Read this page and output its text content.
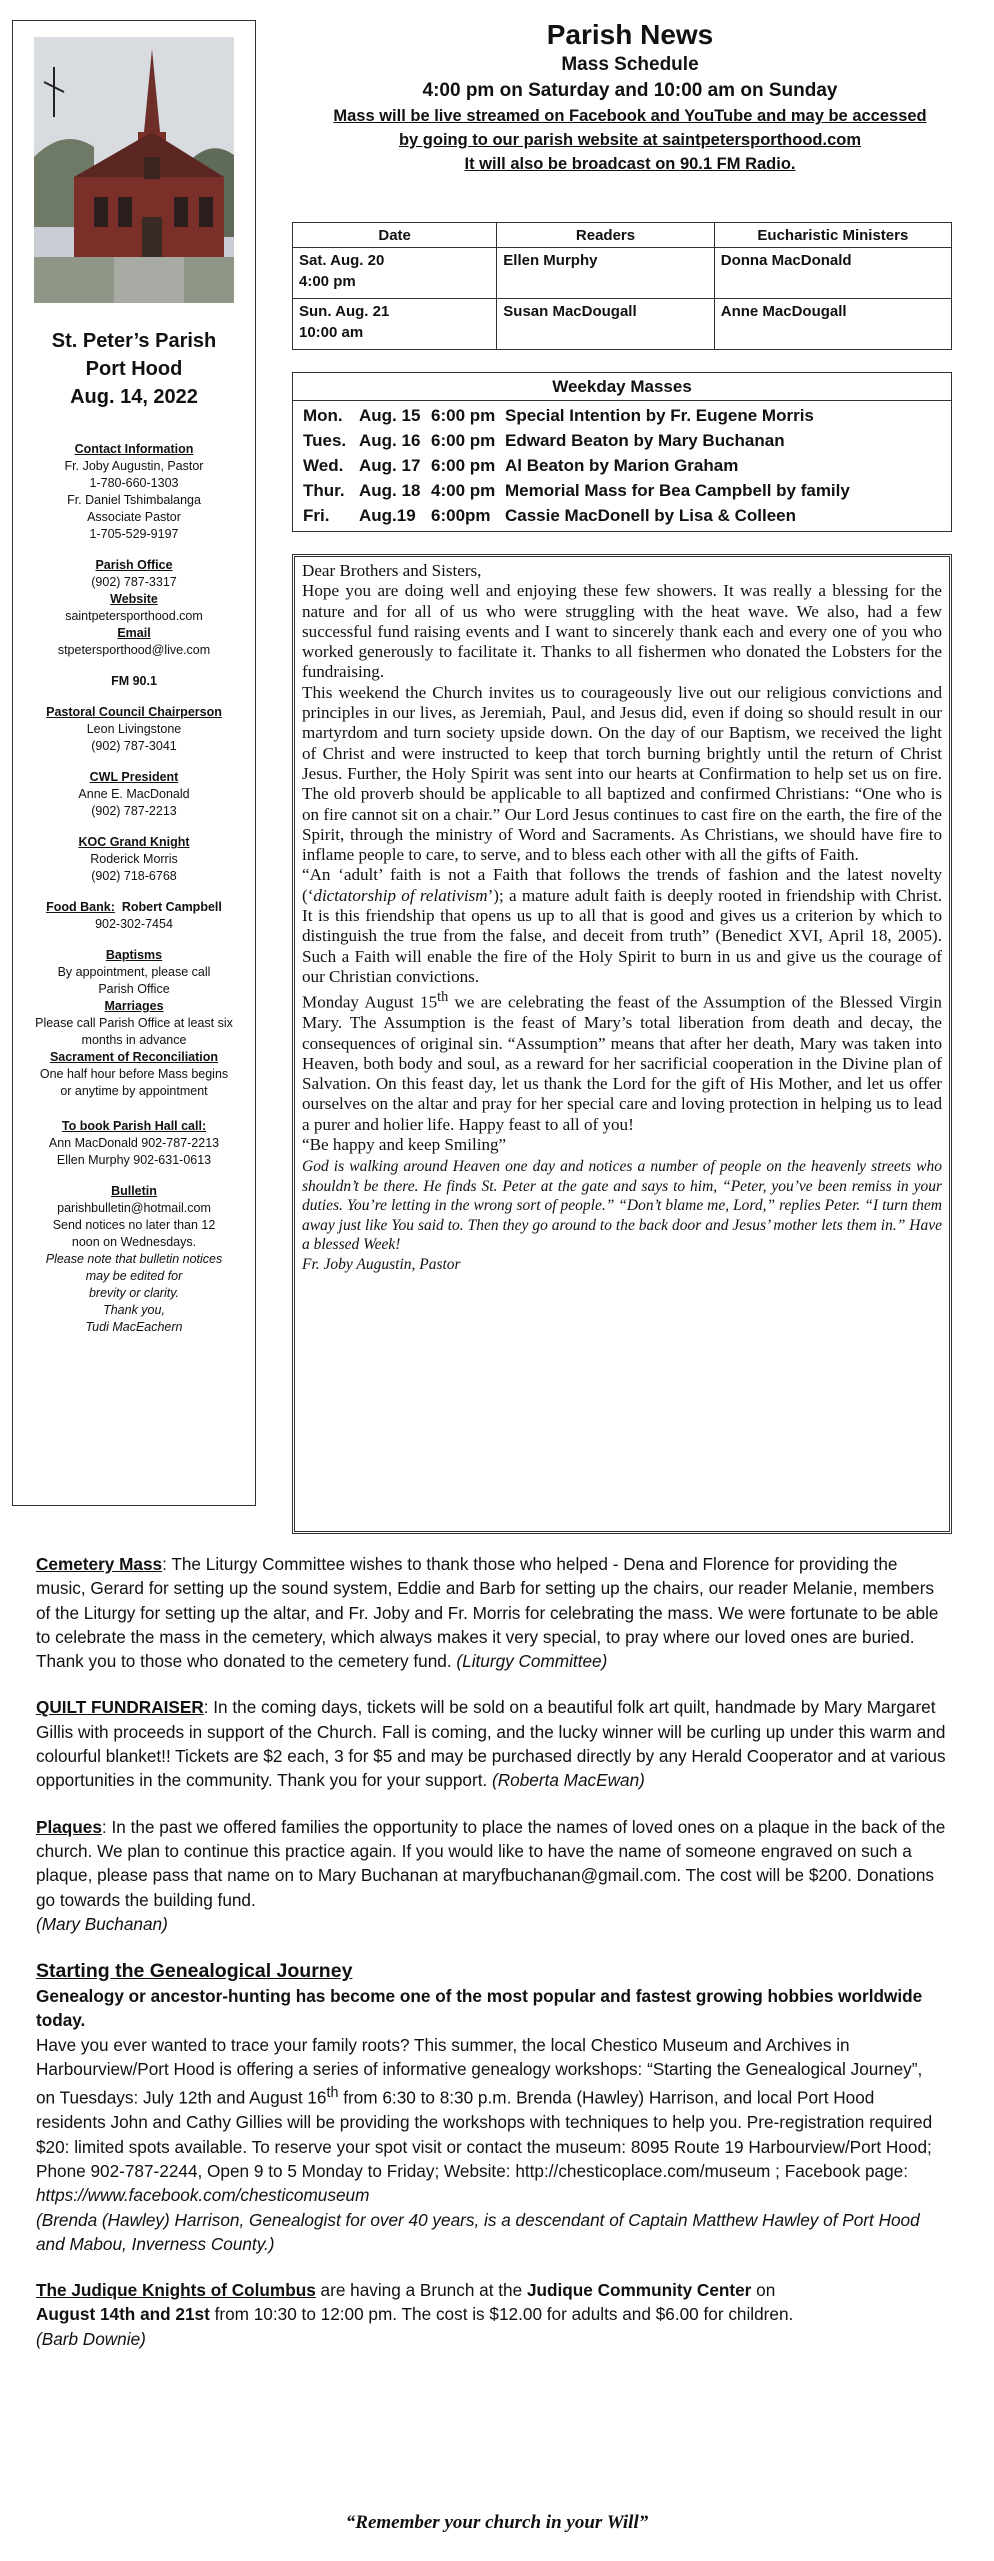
St. Peter’s Parish
Port Hood
Aug. 14, 2022
Contact Information
Fr. Joby Augustin, Pastor
1-780-660-1303
Fr. Daniel Tshimbalanga
Associate Pastor
1-705-529-9197
Parish Office
(902) 787-3317
Website
saintpetersporthood.com
Email
stpetersporthood@live.com
FM 90.1
Pastoral Council Chairperson
Leon Livingstone
(902) 787-3041
CWL President
Anne E. MacDonald
(902) 787-2213
KOC Grand Knight
Roderick Morris
(902) 718-6768
Food Bank: Robert Campbell
902-302-7454
Baptisms
By appointment, please call
Parish Office
Marriages
Please call Parish Office at least six
months in advance
Sacrament of Reconciliation
One half hour before Mass begins
or anytime by appointment
To book Parish Hall call:
Ann MacDonald 902-787-2213
Ellen Murphy 902-631-0613
Bulletin
parishbulletin@hotmail.com
Send notices no later than 12
noon on Wednesdays.
Please note that bulletin notices
may be edited for
brevity or clarity.
Thank you,
Tudi MacEachern
Parish News
Mass Schedule
4:00 pm on Saturday and 10:00 am on Sunday
Mass will be live streamed on Facebook and YouTube and may be accessed
by going to our parish website at saintpetersporthood.com
It will also be broadcast on 90.1 FM Radio.
Date	Readers	Eucharistic Ministers

Sat. Aug. 20
4:00 pm	Ellen Murphy	Donna MacDonald

Sun. Aug. 21
10:00 am	Susan MacDougall	Anne MacDougall
Weekday Masses
Mon. Aug. 15 6:00 pm Special Intention by Fr. Eugene Morris
Tues. Aug. 16 6:00 pm Edward Beaton by Mary Buchanan
Wed. Aug. 17 6:00 pm Al Beaton by Marion Graham
Thur. Aug. 18 4:00 pm Memorial Mass for Bea Campbell by family
Fri.	Aug.19 6:00pm Cassie MacDonell by Lisa & Colleen

Dear Brothers and Sisters,

Hope you are doing well and enjoying these few showers. It was really a blessing for the nature and for all of us who were struggling with the heat wave. We also, had a few successful fund raising events and I want to sincerely thank each and every one of you who worked generously to facilitate it. Thanks to all fishermen who donated the Lobsters for the fundraising.

This weekend the Church invites us to courageously live out our religious convictions and principles in our lives, as Jeremiah, Paul, and Jesus did, even if doing so should result in our martyrdom and turn society upside down. On the day of our Baptism, we received the light of Christ and were instructed to keep that torch burning brightly until the return of Christ Jesus. Further, the Holy Spirit was sent into our hearts at Confirmation to help set us on fire. The old proverb should be applicable to all baptized and confirmed Christians: “One who is on fire cannot sit on a chair.” Our Lord Jesus continues to cast fire on the earth, the fire of the Spirit, through the ministry of Word and Sacraments. As Christians, we should have fire to inflame people to care, to serve, and to bless each other with all the gifts of Faith.

“An ‘adult’ faith is not a Faith that follows the trends of fashion and the latest novelty (‘dictatorship of relativism’); a mature adult faith is deeply rooted in friendship with Christ. It is this friendship that opens us up to all that is good and gives us a criterion by which to distinguish the true from the false, and deceit from truth” (Benedict XVI, April 18, 2005). Such a Faith will enable the fire of the Holy Spirit to burn in us and give us the courage of our Christian convictions.

Monday August 15th we are celebrating the feast of the Assumption of the Blessed Virgin Mary. The Assumption is the feast of Mary’s total liberation from death and decay, the consequences of original sin. “Assumption” means that after her death, Mary was taken into Heaven, both body and soul, as a reward for her sacrificial cooperation in the Divine plan of Salvation. On this feast day, let us thank the Lord for the gift of His Mother, and let us offer ourselves on the altar and pray for her special care and loving protection in helping us to lead a purer and holier life. Happy feast to all of you!

“Be happy and keep Smiling”

God is walking around Heaven one day and notices a number of people on the heavenly streets who shouldn’t be there. He finds St. Peter at the gate and says to him, “Peter, you’ve been remiss in your duties. You’re letting in the wrong sort of people.” “Don’t blame me, Lord,” replies Peter. “I turn them away just like You said to. Then they go around to the back door and Jesus’ mother lets them in.” Have a blessed Week!

Fr. Joby Augustin, Pastor

Cemetery Mass: The Liturgy Committee wishes to thank those who helped - Dena and Florence for providing the music, Gerard for setting up the sound system, Eddie and Barb for setting up the chairs, our reader Melanie, members of the Liturgy for setting up the altar, and Fr. Joby and Fr. Morris for celebrating the mass. We were fortunate to be able to celebrate the mass in the cemetery, which always makes it very special, to pray where our loved ones are buried. Thank you to those who donated to the cemetery fund. (Liturgy Committee)

QUILT FUNDRAISER: In the coming days, tickets will be sold on a beautiful folk art quilt, handmade by Mary Margaret Gillis with proceeds in support of the Church. Fall is coming, and the lucky winner will be curling up under this warm and colourful blanket!! Tickets are $2 each, 3 for $5 and may be purchased directly by any Herald Cooperator and at various opportunities in the community. Thank you for your support. (Roberta MacEwan)

Plaques: In the past we offered families the opportunity to place the names of loved ones on a plaque in the back of the church. We plan to continue this practice again. If you would like to have the name of someone engraved on such a plaque, please pass that name on to Mary Buchanan at maryfbuchanan@gmail.com. The cost will be $200. Donations go towards the building fund.
(Mary Buchanan)

Starting the Genealogical Journey

Genealogy or ancestor-hunting has become one of the most popular and fastest growing hobbies worldwide today.
Have you ever wanted to trace your family roots? This summer, the local Chestico Museum and Archives in Harbourview/Port Hood is offering a series of informative genealogy workshops: “Starting the Genealogical Journey”, on Tuesdays: July 12th and August 16th from 6:30 to 8:30 p.m. Brenda (Hawley) Harrison, and local Port Hood residents John and Cathy Gillies will be providing the workshops with techniques to help you. Pre-registration required $20: limited spots available. To reserve your spot visit or contact the museum: 8095 Route 19 Harbourview/Port Hood; Phone 902-787-2244, Open 9 to 5 Monday to Friday; Website: http://chesticoplace.com/museum ; Facebook page: https://www.facebook.com/chesticomuseum
(Brenda (Hawley) Harrison, Genealogist for over 40 years, is a descendant of Captain Matthew Hawley of Port Hood and Mabou, Inverness County.)

The Judique Knights of Columbus are having a Brunch at the Judique Community Center on
August 14th and 21st from 10:30 to 12:00 pm. The cost is $12.00 for adults and $6.00 for children.
(Barb Downie)

“Remember your church in your Will”
